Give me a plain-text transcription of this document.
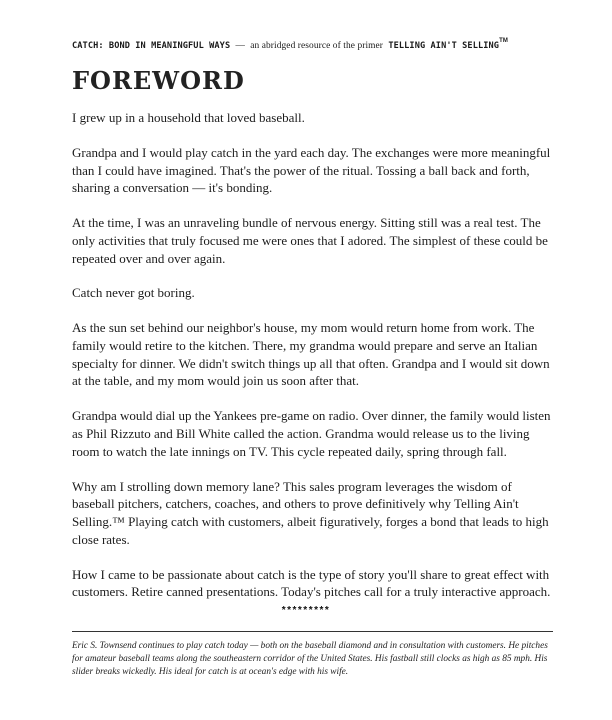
CATCH: BOND IN MEANINGFUL WAYS — an abridged resource of the primer TELLING AIN'T SELLING™
FOREWORD

I grew up in a household that loved baseball.

Grandpa and I would play catch in the yard each day. The exchanges were more meaningful than I could have imagined. That's the power of the ritual. Tossing a ball back and forth, sharing a conversation — it's bonding.

At the time, I was an unraveling bundle of nervous energy. Sitting still was a real test. The only activities that truly focused me were ones that I adored. The simplest of these could be repeated over and over again.

Catch never got boring.

As the sun set behind our neighbor's house, my mom would return home from work. The family would retire to the kitchen. There, my grandma would prepare and serve an Italian specialty for dinner. We didn't switch things up all that often. Grandpa and I would sit down at the table, and my mom would join us soon after that.

Grandpa would dial up the Yankees pre-game on radio. Over dinner, the family would listen as Phil Rizzuto and Bill White called the action. Grandma would release us to the living room to watch the late innings on TV. This cycle repeated daily, spring through fall.

Why am I strolling down memory lane? This sales program leverages the wisdom of baseball pitchers, catchers, coaches, and others to prove definitively why Telling Ain't Selling.™ Playing catch with customers, albeit figuratively, forges a bond that leads to high close rates.

How I came to be passionate about catch is the type of story you'll share to great effect with customers. Retire canned presentations. Today's pitches call for a truly interactive approach.

*********
Eric S. Townsend continues to play catch today — both on the baseball diamond and in consultation with customers. He pitches for amateur baseball teams along the southeastern corridor of the United States. His fastball still clocks as high as 85 mph. His slider breaks wickedly. His ideal for catch is at ocean's edge with his wife.
